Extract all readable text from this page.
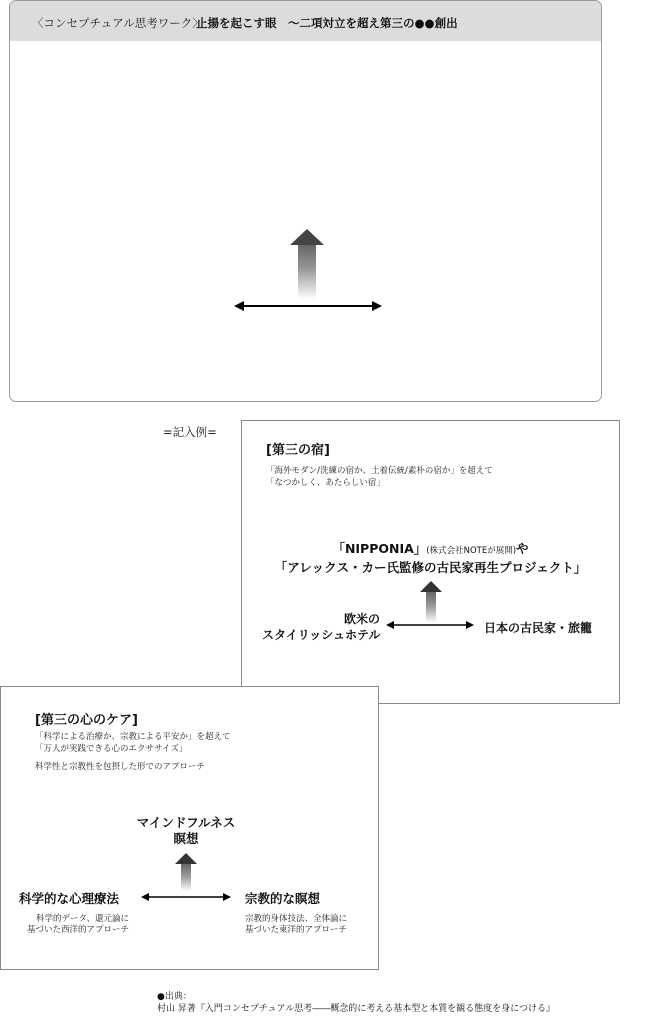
〈コンセプチュアル思考ワーク〉
止揚を起こす眼　～二項対立を超え第三の●●創出
=記入例=
[第三の宿]
「海外モダン/洗練の宿か、土着伝統/素朴の宿か」を超えて
「なつかしく、あたらしい宿」
「NIPPONIA」(株式会社NOTEが展開)や
「アレックス・カー氏監修の古民家再生プロジェクト」
欧米の
スタイリッシュホテル	日本の古民家・旅籠
[第三の心のケア]
「科学による治療か、宗教による平安か」を超えて
「万人が実践できる心のエクササイズ」
科学性と宗教性を包摂した形でのアプローチ
マインドフルネス
瞑想
科学的な心理療法	宗教的な瞑想
科学的データ、還元論に
基づいた西洋的アプローチ
宗教的身体技法、全体論に
基づいた東洋的アプローチ
●出典：
村山 昇著『入門コンセプチュアル思考――概念的に考える基本型と本質を観る態度を身につける』
